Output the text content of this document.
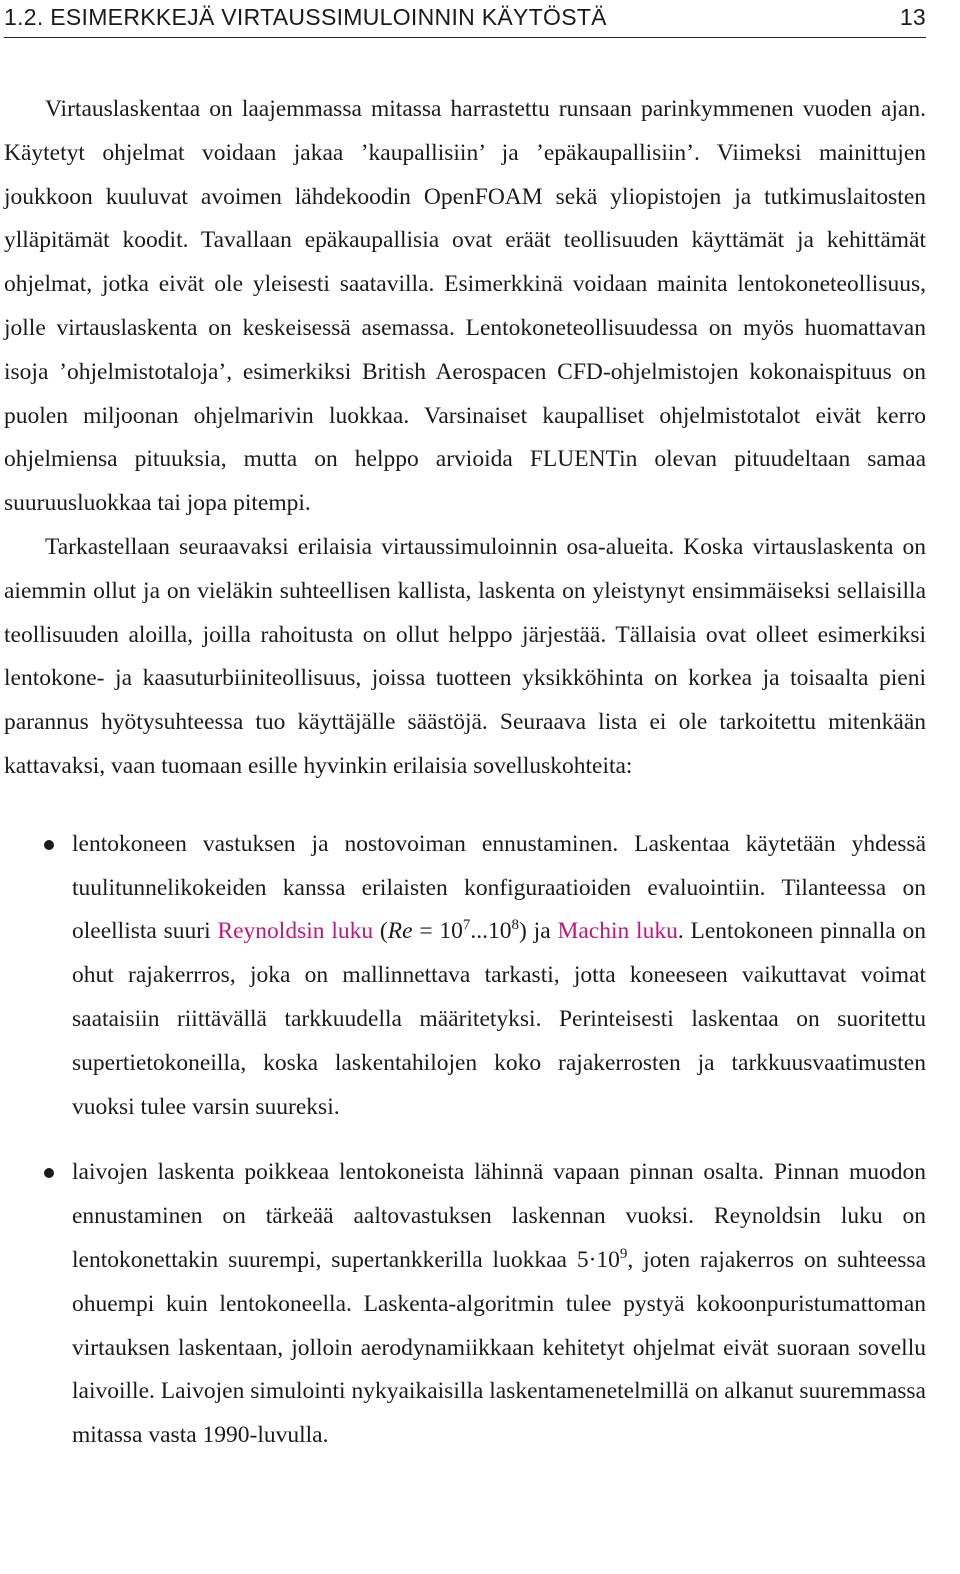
1.2. ESIMERKKEJÄ VIRTAUSSIMULOINNIN KÄYTÖSTÄ	13

Virtauslaskentaa on laajemmassa mitassa harrastettu runsaan parinkymmenen vuoden ajan. Käytetyt ohjelmat voidaan jakaa ’kaupallisiin’ ja ’epäkaupallisiin’. Viimeksi mainittujen joukkoon kuuluvat avoimen lähdekoodin OpenFOAM sekä yliopistojen ja tutkimuslaitosten ylläpitämät koodit. Tavallaan epäkaupallisia ovat eräät teollisuuden käyttämät ja kehittämät ohjelmat, jotka eivät ole yleisesti saatavilla. Esimerkkinä voidaan mainita lentokoneteollisuus, jolle virtauslaskenta on keskeisessä asemassa. Lentokoneteollisuudessa on myös huomattavan isoja ’ohjelmistotaloja’, esimerkiksi British Aerospacen CFD-ohjelmistojen kokonaispituus on puolen miljoonan ohjelmarivin luokkaa. Varsinaiset kaupalliset ohjelmistotalot eivät kerro ohjelmiensa pituuksia, mutta on helppo arvioida FLUENTin olevan pituudeltaan samaa suuruusluokkaa tai jopa pitempi.

Tarkastellaan seuraavaksi erilaisia virtaussimuloinnin osa-alueita. Koska virtauslaskenta on aiemmin ollut ja on vieläkin suhteellisen kallista, laskenta on yleistynyt ensimmäiseksi sellaisilla teollisuuden aloilla, joilla rahoitusta on ollut helppo järjestää. Tällaisia ovat olleet esimerkiksi lentokone- ja kaasuturbiiniteollisuus, joissa tuotteen yksikköhinta on korkea ja toisaalta pieni parannus hyötysuhteessa tuo käyttäjälle säästöjä. Seuraava lista ei ole tarkoitettu mitenkään kattavaksi, vaan tuomaan esille hyvinkin erilaisia sovelluskohteita:

lentokoneen vastuksen ja nostovoiman ennustaminen. Laskentaa käytetään yhdessä tuulitunnelikokeiden kanssa erilaisten konfiguraatioiden evaluointiin. Tilanteessa on oleellista suuri Reynoldsin luku $(Re = 10^7...10^8)$ ja Machin luku. Lentokoneen pinnalla on ohut rajakerrros, joka on mallinnettava tarkasti, jotta koneeseen vaikuttavat voimat saataisiin riittävällä tarkkuudella määritetyksi. Perinteisesti laskentaa on suoritettu supertietokoneilla, koska laskentahilojen koko rajakerrosten ja tarkkuusvaatimusten vuoksi tulee varsin suureksi.
laivojen laskenta poikkeaa lentokoneista lähinnä vapaan pinnan osalta. Pinnan muodon ennustaminen on tärkeää aaltovastuksen laskennan vuoksi. Reynoldsin luku on lentokonettakin suurempi, supertankkerilla luokkaa $5\cdot 10^9$, joten rajakerros on suhteessa ohuempi kuin lentokoneella. Laskenta-algoritmin tulee pystyä kokoonpuristumattoman virtauksen laskentaan, jolloin aerodynamiikkaan kehitetyt ohjelmat eivät suoraan sovellu laivoille. Laivojen simulointi nykyaikaisilla laskentamenetelmillä on alkanut suuremmassa mitassa vasta 1990-luvulla.
